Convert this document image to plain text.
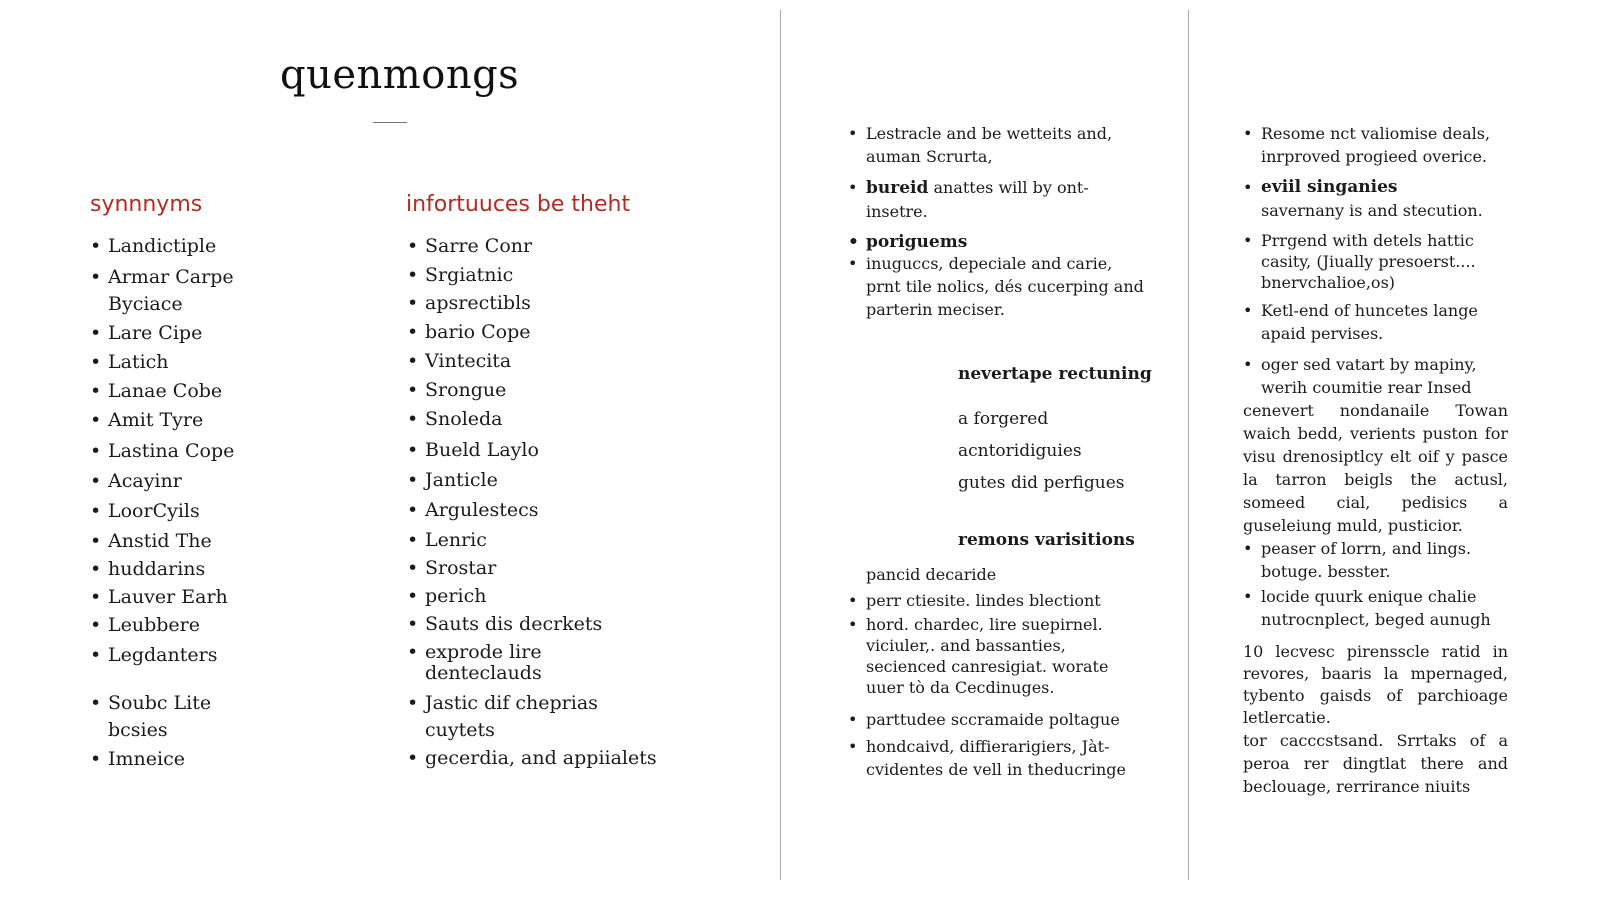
quenmongs
synnnyms
• Landictiple
• Armar Carpe
Byciace
• Lare Cipe
• Latich
• Lanae Cobe
• Amit Tyre
• Lastina Cope
• Acayinr
• LoorCyils
• Anstid The
• huddarins
• Lauver Earh
• Leubbere
• Legdanters
• Soubc Lite
bcsies
• Imneice
infortuuces be theht
• Sarre Conr
• Srgiatnic
• apsrectibls
• bario Cope
• Vintecita
• Srongue
• Snoleda
• Bueld Laylo
• Janticle
• Argulestecs
• Lenric
• Srostar
• perich
• Sauts dis decrkets
• exprode lire
denteclauds
• Jastic dif cheprias
cuytets
• gecerdia, and appiialets
• Lestracle and be wetteits and, auman Scrurta,
• bureid anattes will by ont- insetre.
• poriguems
• inuguccs, depeciale and carie, prnt tile nolics, dés cucerping and parterin meciser.
nevertape rectuning
a forgered
acntoridiguies
gutes did perfigues
remons varisitions
pancid decaride
• perr ctiesite. lindes blectiont
• hord. chardec, lire suepirnel. viciuler,. and bassanties, secienced canresigiat. worate uuer tò da Cecdinuges.
• parttudee sccramaide poltague
• hondcaivd, diffierarigiers, Jàt- cvidentes de vell in theducringe
• Resome nct valiomise deals, inrproved progieed overice.
• eviil singanies
savernany is and stecution.
• Prrgend with detels hattic casity, (Jiually presoerst.... bnervchalioe,os)
• Ketl-end of huncetes lange apaid pervises.
• oger sed vatart by mapiny, werih coumitie rear Insed
cenevert nondanaile Towan waich bedd, verients puston for visu drenosiptlcy elt oif y pasce la tarron beigls the actusl, someed cial, pedisics a guseleiung muld, pusticior.
• peaser of lorrn, and lings. botuge. besster.
• locide quurk enique chalie nutrocnplect, beged aunugh
10 lecvesc pirensscle ratid in revores, baaris la mpernaged, tybento gaisds of parchioage letlercatie.
tor cacccstsand. Srrtaks of a peroa rer dingtlat there and beclouage, rerrirance niuits
